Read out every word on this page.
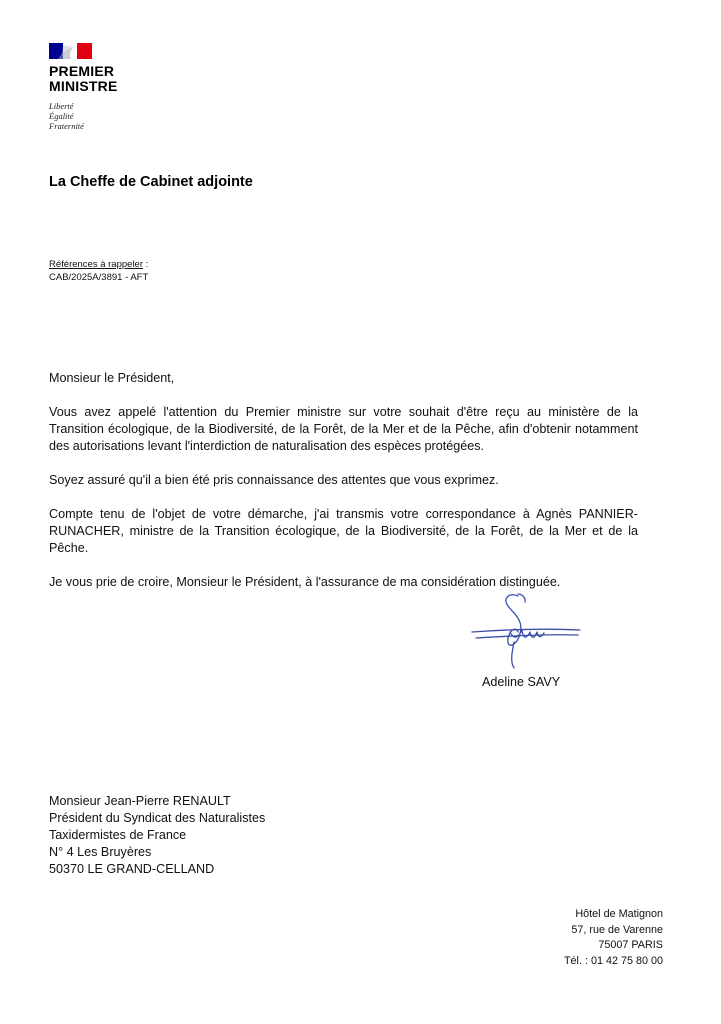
PREMIER
MINISTRE
Liberté
Égalité
Fraternité
La Cheffe de Cabinet adjointe
Références à rappeler :
CAB/2025A/3891 - AFT

Monsieur le Président,

Vous avez appelé l'attention du Premier ministre sur votre souhait d'être reçu au ministère de la Transition écologique, de la Biodiversité, de la Forêt, de la Mer et de la Pêche, afin d'obtenir notamment des autorisations levant l'interdiction de naturalisation des espèces protégées.

Soyez assuré qu'il a bien été pris connaissance des attentes que vous exprimez.

Compte tenu de l'objet de votre démarche, j'ai transmis votre correspondance à Agnès PANNIER-RUNACHER, ministre de la Transition écologique, de la Biodiversité, de la Forêt, de la Mer et de la Pêche.

Je vous prie de croire, Monsieur le Président, à l'assurance de ma considération distinguée.

Adeline SAVY
Monsieur Jean-Pierre RENAULT
Président du Syndicat des Naturalistes
Taxidermistes de France
N° 4 Les Bruyères
50370 LE GRAND-CELLAND
Hôtel de Matignon
57, rue de Varenne
75007 PARIS
Tél. : 01 42 75 80 00
